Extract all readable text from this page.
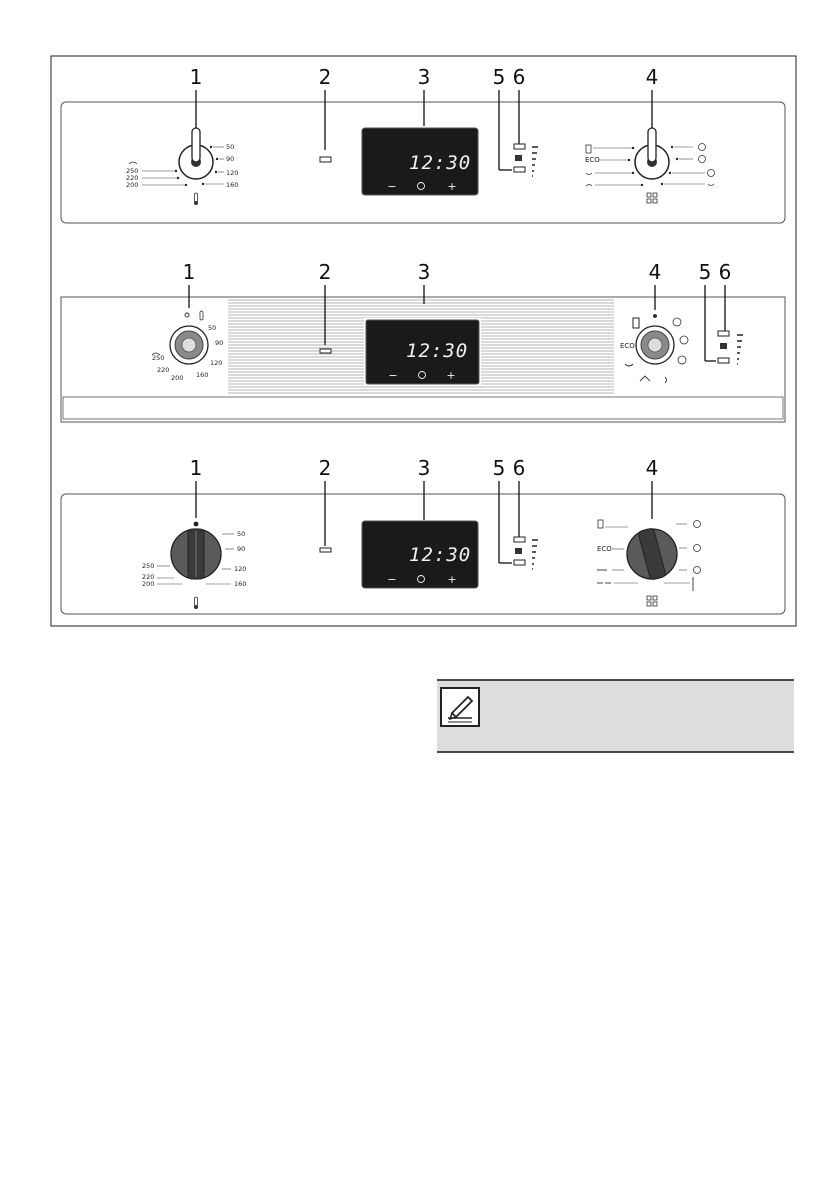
1	2	3	5 6	4
50
90
120
160
200
220
250	12:30
−	+
ECO
1	2	3	4 5 6
50
90
120
160
200
220
250	12:30
−	+
ECO
1	2	3	5 6	4
50
90
120
160
200
220
250	12:30
−	+
ECO
